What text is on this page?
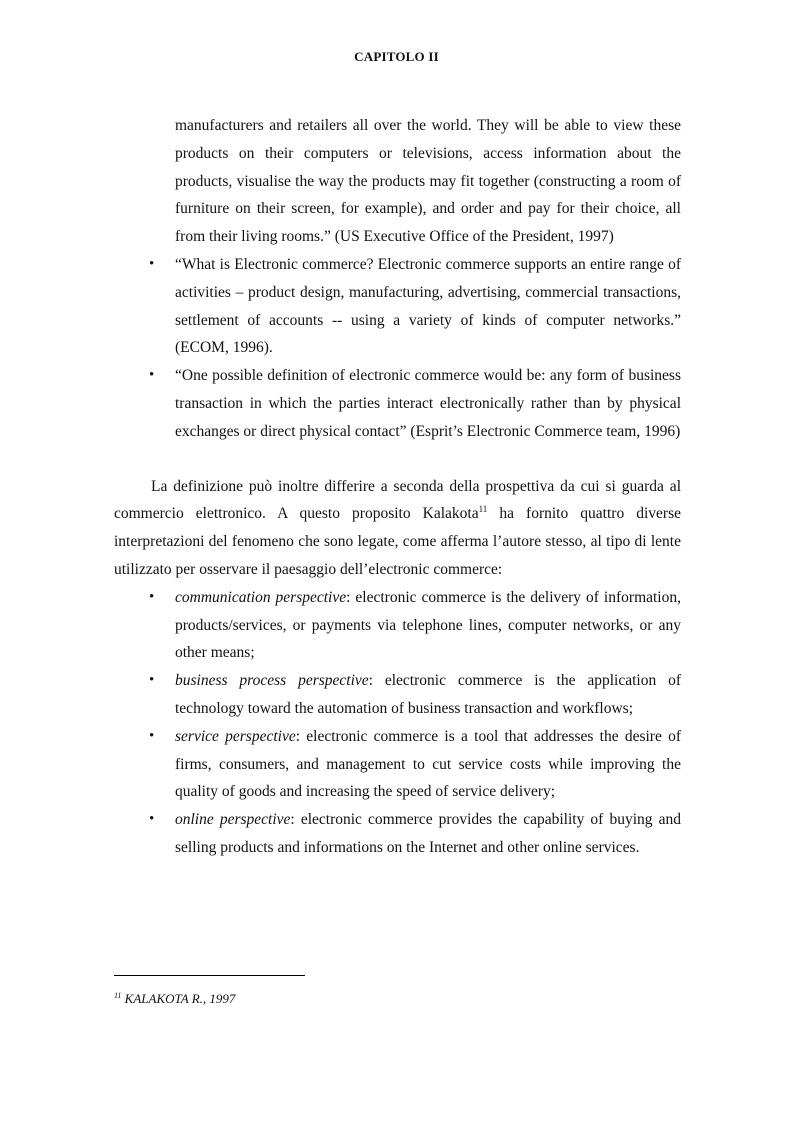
CAPITOLO II

manufacturers and retailers all over the world. They will be able to view these products on their computers or televisions, access information about the products, visualise the way the products may fit together (constructing a room of furniture on their screen, for example), and order and pay for their choice, all from their living rooms.” (US Executive Office of the President, 1997)

• “What is Electronic commerce? Electronic commerce supports an entire range of activities – product design, manufacturing, advertising, commercial transactions, settlement of accounts -- using a variety of kinds of computer networks.” (ECOM, 1996).
• “One possible definition of electronic commerce would be: any form of business transaction in which the parties interact electronically rather than by physical exchanges or direct physical contact” (Esprit’s Electronic Commerce team, 1996)

La definizione può inoltre differire a seconda della prospettiva da cui si guarda al commercio elettronico. A questo proposito Kalakota$^{11}$ ha fornito quattro diverse interpretazioni del fenomeno che sono legate, come afferma l’autore stesso, al tipo di lente utilizzato per osservare il paesaggio dell’electronic commerce:

• communication perspective: electronic commerce is the delivery of information, products/services, or payments via telephone lines, computer networks, or any other means;
• business process perspective: electronic commerce is the application of technology toward the automation of business transaction and workflows;
• service perspective: electronic commerce is a tool that addresses the desire of firms, consumers, and management to cut service costs while improving the quality of goods and increasing the speed of service delivery;
• online perspective: electronic commerce provides the capability of buying and selling products and informations on the Internet and other online services.
$^{11}$ KALAKOTA R., 1997
